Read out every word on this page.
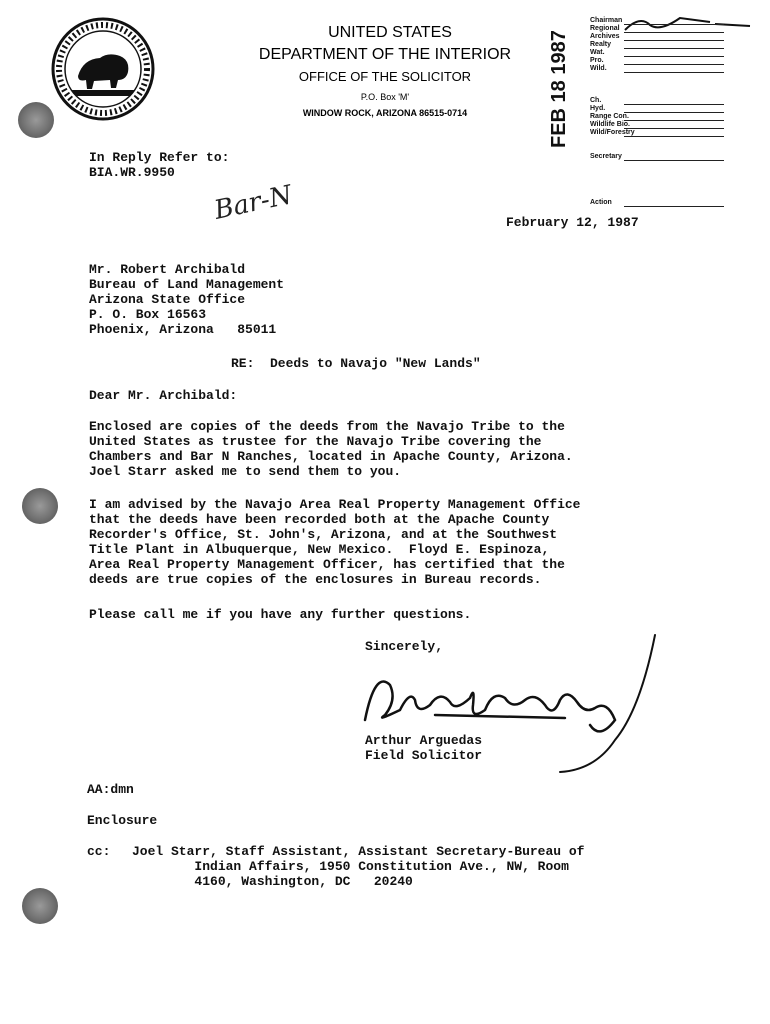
UNITED STATES
DEPARTMENT OF THE INTERIOR
OFFICE OF THE SOLICITOR
P.O. Box 'M'
WINDOW ROCK, ARIZONA 86515-0714	FEB 18 1987
Chairman
Regional
Archives
Realty
Wat.
Pro.
Wild.
Ch.
Hyd.
Range Con.
Wildlife Bio.
Wild/Forestry
Secretary
Action
In Reply Refer to:
BIA.WR.9950
Bar-N	February 12, 1987
Mr. Robert Archibald
Bureau of Land Management
Arizona State Office
P. O. Box 16563
Phoenix, Arizona   85011
RE:  Deeds to Navajo "New Lands"
Dear Mr. Archibald:
Enclosed are copies of the deeds from the Navajo Tribe to the
United States as trustee for the Navajo Tribe covering the
Chambers and Bar N Ranches, located in Apache County, Arizona.
Joel Starr asked me to send them to you.
I am advised by the Navajo Area Real Property Management Office
that the deeds have been recorded both at the Apache County
Recorder's Office, St. John's, Arizona, and at the Southwest
Title Plant in Albuquerque, New Mexico.  Floyd E. Espinoza,
Area Real Property Management Officer, has certified that the
deeds are true copies of the enclosures in Bureau records.
Please call me if you have any further questions.
Sincerely,
Arthur Arguedas
Field Solicitor
AA:dmn
Enclosure
cc: Joel Starr, Staff Assistant, Assistant Secretary-Bureau of
Indian Affairs, 1950 Constitution Ave., NW, Room
4160, Washington, DC   20240
